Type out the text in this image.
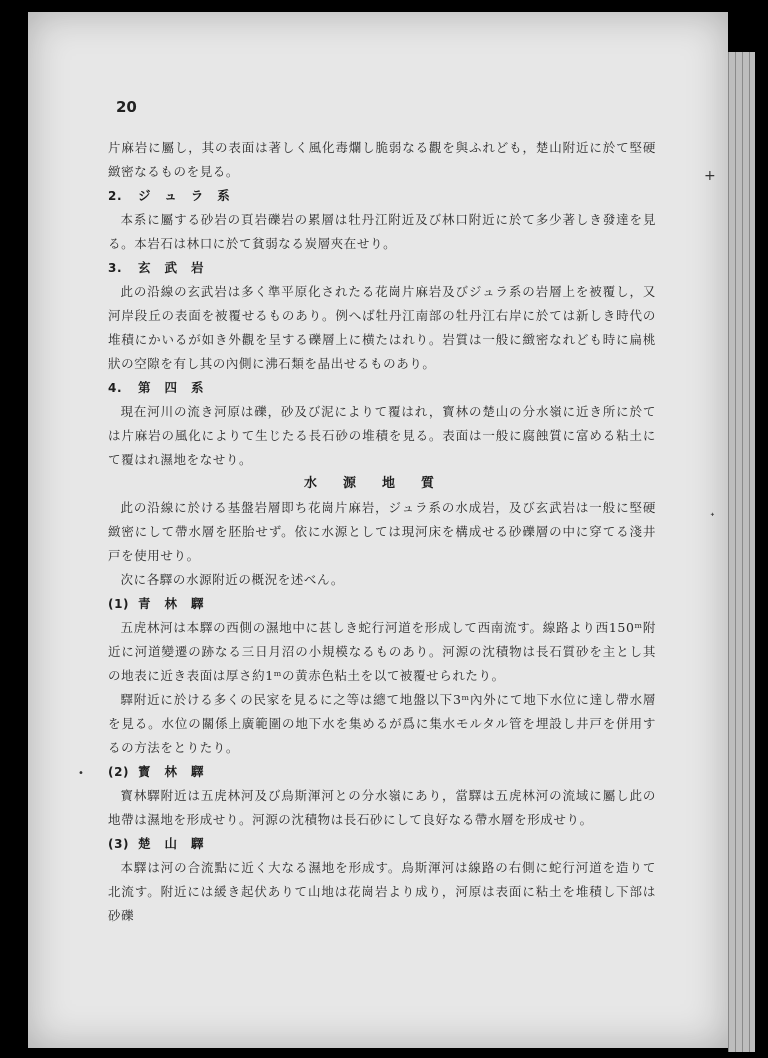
20
+
ᐩ
•

片麻岩に屬し，其の表面は著しく風化毒爛し脆弱なる觀を與ふれども，楚山附近に於て堅硬緻密なるものを見る。

2. ジュラ系

本系に屬する砂岩の頁岩礫岩の累層は牡丹江附近及び林口附近に於て多少著しき發達を見る。本岩石は林口に於て貧弱なる炭層夾在せり。

3. 玄武岩

此の沿線の玄武岩は多く準平原化されたる花崗片麻岩及びジュラ系の岩層上を被覆し，又河岸段丘の表面を被覆せるものあり。例へば牡丹江南部の牡丹江右岸に於ては新しき時代の堆積にかいるが如き外觀を呈する礫層上に横たはれり。岩質は一般に緻密なれども時に扁桃狀の空隙を有し其の內側に沸石類を晶出せるものあり。

4. 第四系

現在河川の流き河原は礫，砂及び泥によりて覆はれ，寳林の楚山の分水嶺に近き所に於ては片麻岩の風化によりて生じたる長石砂の堆積を見る。表面は一般に腐蝕質に富める粘土にて覆はれ濕地をなせり。

水源地質

此の沿線に於ける基盤岩層即ち花崗片麻岩，ジュラ系の水成岩，及び玄武岩は一般に堅硬緻密にして帶水層を胚胎せず。依に水源としては現河床を構成せる砂礫層の中に穿てる淺井戸を使用せり。

次に各驛の水源附近の概況を述べん。

(1) 青林驛

五虎林河は本驛の西側の濕地中に甚しき蛇行河道を形成して西南流す。線路より西150ᵐ附近に河道變遷の跡なる三日月沼の小規模なるものあり。河源の沈積物は長石質砂を主とし其の地表に近き表面は厚さ約1ᵐの黄赤色粘土を以て被覆せられたり。

驛附近に於ける多くの民家を見るに之等は總て地盤以下3ᵐ內外にて地下水位に達し帶水層を見る。水位の關係上廣範圍の地下水を集めるが爲に集水モルタル管を埋設し井戸を併用するの方法をとりたり。

(2) 寳林驛

寳林驛附近は五虎林河及び烏斯渾河との分水嶺にあり，當驛は五虎林河の流域に屬し此の地帶は濕地を形成せり。河源の沈積物は長石砂にして良好なる帶水層を形成せり。

(3) 楚山驛

本驛は河の合流點に近く大なる濕地を形成す。烏斯渾河は線路の右側に蛇行河道を造りて北流す。附近には緩き起伏ありて山地は花崗岩より成り，河原は表面に粘土を堆積し下部は砂礫
